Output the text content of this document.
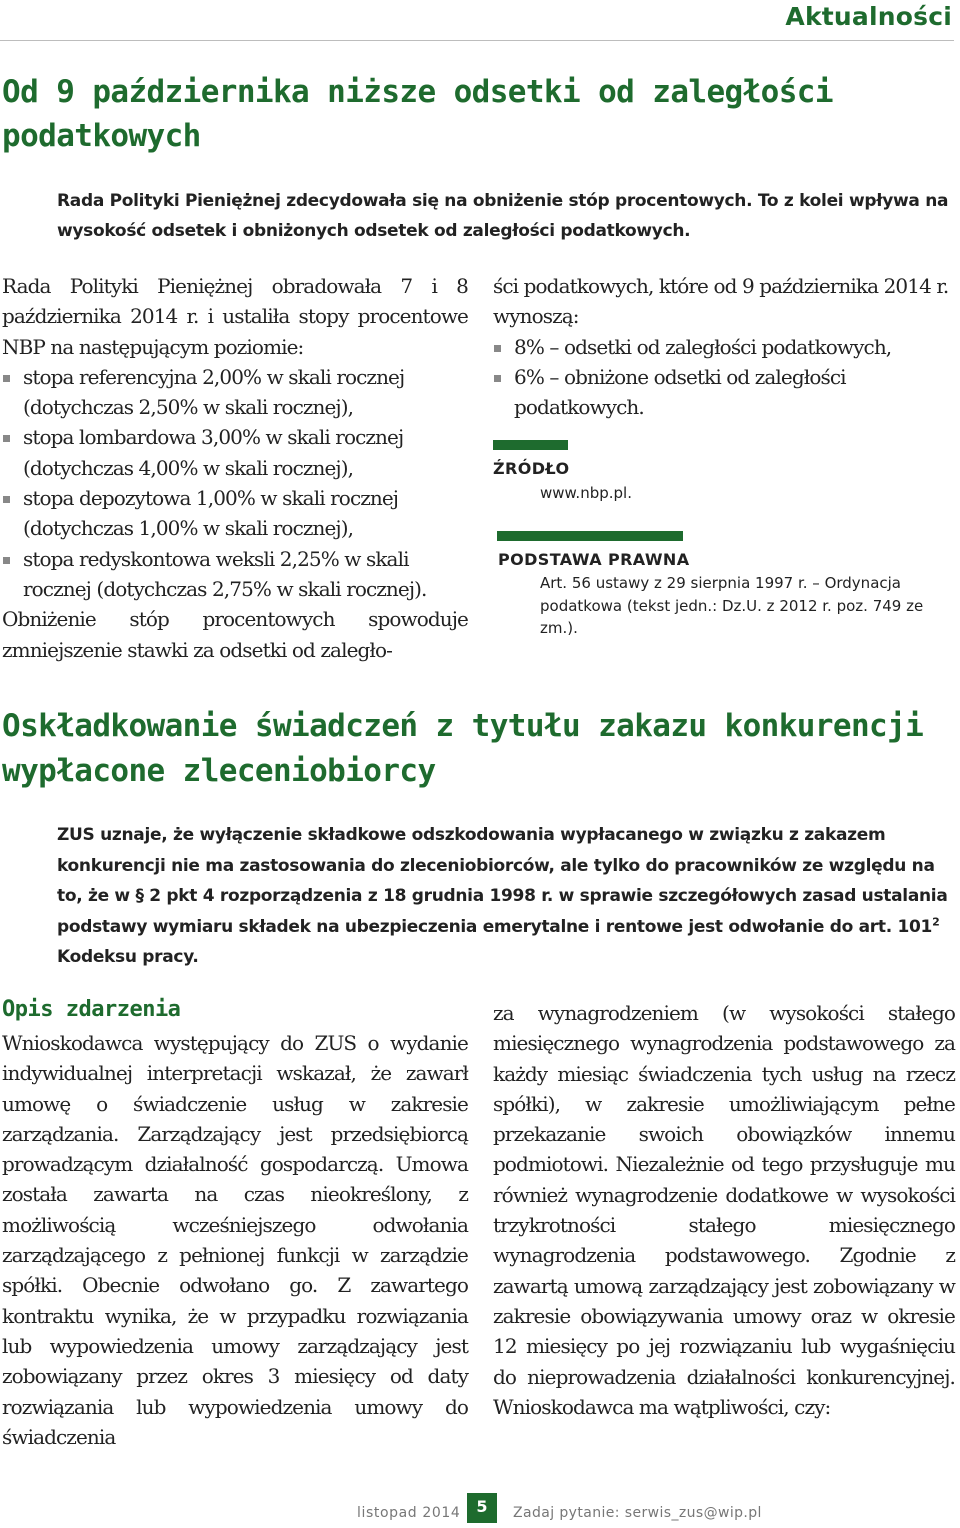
Aktualności
Od 9 października niższe odsetki od zaległości podatkowych

Rada Polityki Pieniężnej zdecydowała się na obniżenie stóp procentowych. To z kolei wpływa na wysokość odsetek i obniżonych odsetek od zaległości podatkowych.

Rada Polityki Pieniężnej obradowała 7 i 8 października 2014 r. i ustaliła stopy procentowe NBP na następującym poziomie:
stopa referencyjna 2,00% w skali rocznej (dotychczas 2,50% w skali rocznej),
stopa lombardowa 3,00% w skali rocznej (dotychczas 4,00% w skali rocznej),
stopa depozytowa 1,00% w skali rocznej (dotychczas 1,00% w skali rocznej),
stopa redyskontowa weksli 2,25% w skali rocznej (dotychczas 2,75% w skali rocznej).
Obniżenie stóp procentowych spowoduje zmniejszenie stawki za odsetki od zaległo-
ści podatkowych, które od 9 października 2014 r. wynoszą:
8% – odsetki od zaległości podatkowych,
6% – obniżone odsetki od zaległości podatkowych.
ŹRÓDŁO

www.nbp.pl.

PODSTAWA PRAWNA

Art. 56 ustawy z 29 sierpnia 1997 r. – Ordynacja podatkowa (tekst jedn.: Dz.U. z 2012 r. poz. 749 ze zm.).

Oskładkowanie świadczeń z tytułu zakazu konkurencji wypłacone zleceniobiorcy

ZUS uznaje, że wyłączenie składkowe odszkodowania wypłacanego w związku z zakazem konkurencji nie ma zastosowania do zleceniobiorców, ale tylko do pracowników ze względu na to, że w § 2 pkt 4 rozporządzenia z 18 grudnia 1998 r. w sprawie szczegółowych zasad ustalania podstawy wymiaru składek na ubezpieczenia emerytalne i rentowe jest odwołanie do art. $101^2$ Kodeksu pracy.

Opis zdarzenia
Wnioskodawca występujący do ZUS o wydanie indywidualnej interpretacji wskazał, że zawarł umowę o świadczenie usług w zakresie zarządzania. Zarządzający jest przedsiębiorcą prowadzącym działalność gospodarczą. Umowa została zawarta na czas nieokreślony, z możliwością wcześniejszego odwołania zarządzającego z pełnionej funkcji w zarządzie spółki. Obecnie odwołano go. Z zawartego kontraktu wynika, że w przypadku rozwiązania lub wypowiedzenia umowy zarządzający jest zobowiązany przez okres 3 miesięcy od daty rozwiązania lub wypowiedzenia umowy do świadczenia
za wynagrodzeniem (w wysokości stałego miesięcznego wynagrodzenia podstawowego za każdy miesiąc świadczenia tych usług na rzecz spółki), w zakresie umożliwiającym pełne przekazanie swoich obowiązków innemu podmiotowi. Niezależnie od tego przysługuje mu również wynagrodzenie dodatkowe w wysokości trzykrotności stałego miesięcznego wynagrodzenia podstawowego. Zgodnie z zawartą umową zarządzający jest zobowiązany w zakresie obowiązywania umowy oraz w okresie 12 miesięcy po jej rozwiązaniu lub wygaśnięciu do nieprowadzenia działalności konkurencyjnej. Wnioskodawca ma wątpliwości, czy:
listopad 2014	5	Zadaj pytanie: serwis_zus@wip.pl
